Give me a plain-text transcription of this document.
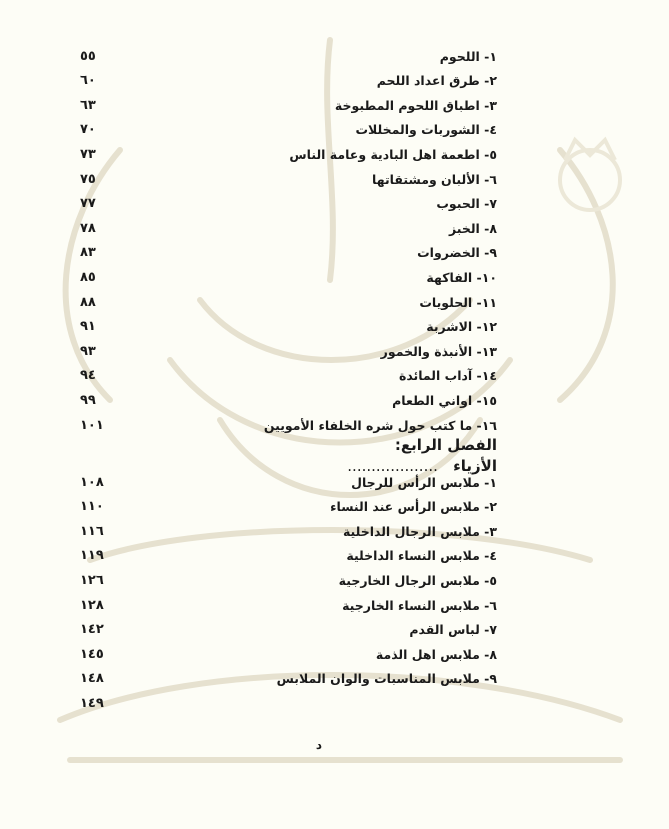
٥٥	١- اللحوم
٦٠	٢- طرق اعداد اللحم
٦٣	٣- اطباق اللحوم المطبوخة
٧٠	٤- الشوربات والمخللات
٧٣	٥- اطعمة اهل البادية وعامة الناس
٧٥	٦- الألبان ومشتقاتها
٧٧	٧- الحبوب
٧٨	٨- الخبز
٨٣	٩- الخضروات
٨٥	١٠- الفاكهة
٨٨	١١- الحلويات
٩١	١٢- الاشربة
٩٣	١٣- الأنبذة والخمور
٩٤	١٤- آداب المائدة
٩٩	١٥- اواني الطعام
١٠١	١٦- ما كتب حول شره الخلفاء الأمويين
الفصل الرابع:
الأزياء ...................
١٠٨	١- ملابس الرأس للرجال
١١٠	٢- ملابس الرأس عند النساء
١١٦	٣- ملابس الرجال الداخلية
١١٩	٤- ملابس النساء الداخلية
١٢٦	٥- ملابس الرجال الخارجية
١٢٨	٦- ملابس النساء الخارجية
١٤٢	٧- لباس القدم
١٤٥	٨- ملابس اهل الذمة
١٤٨	٩- ملابس المناسبات والوان الملابس
١٤٩
د
